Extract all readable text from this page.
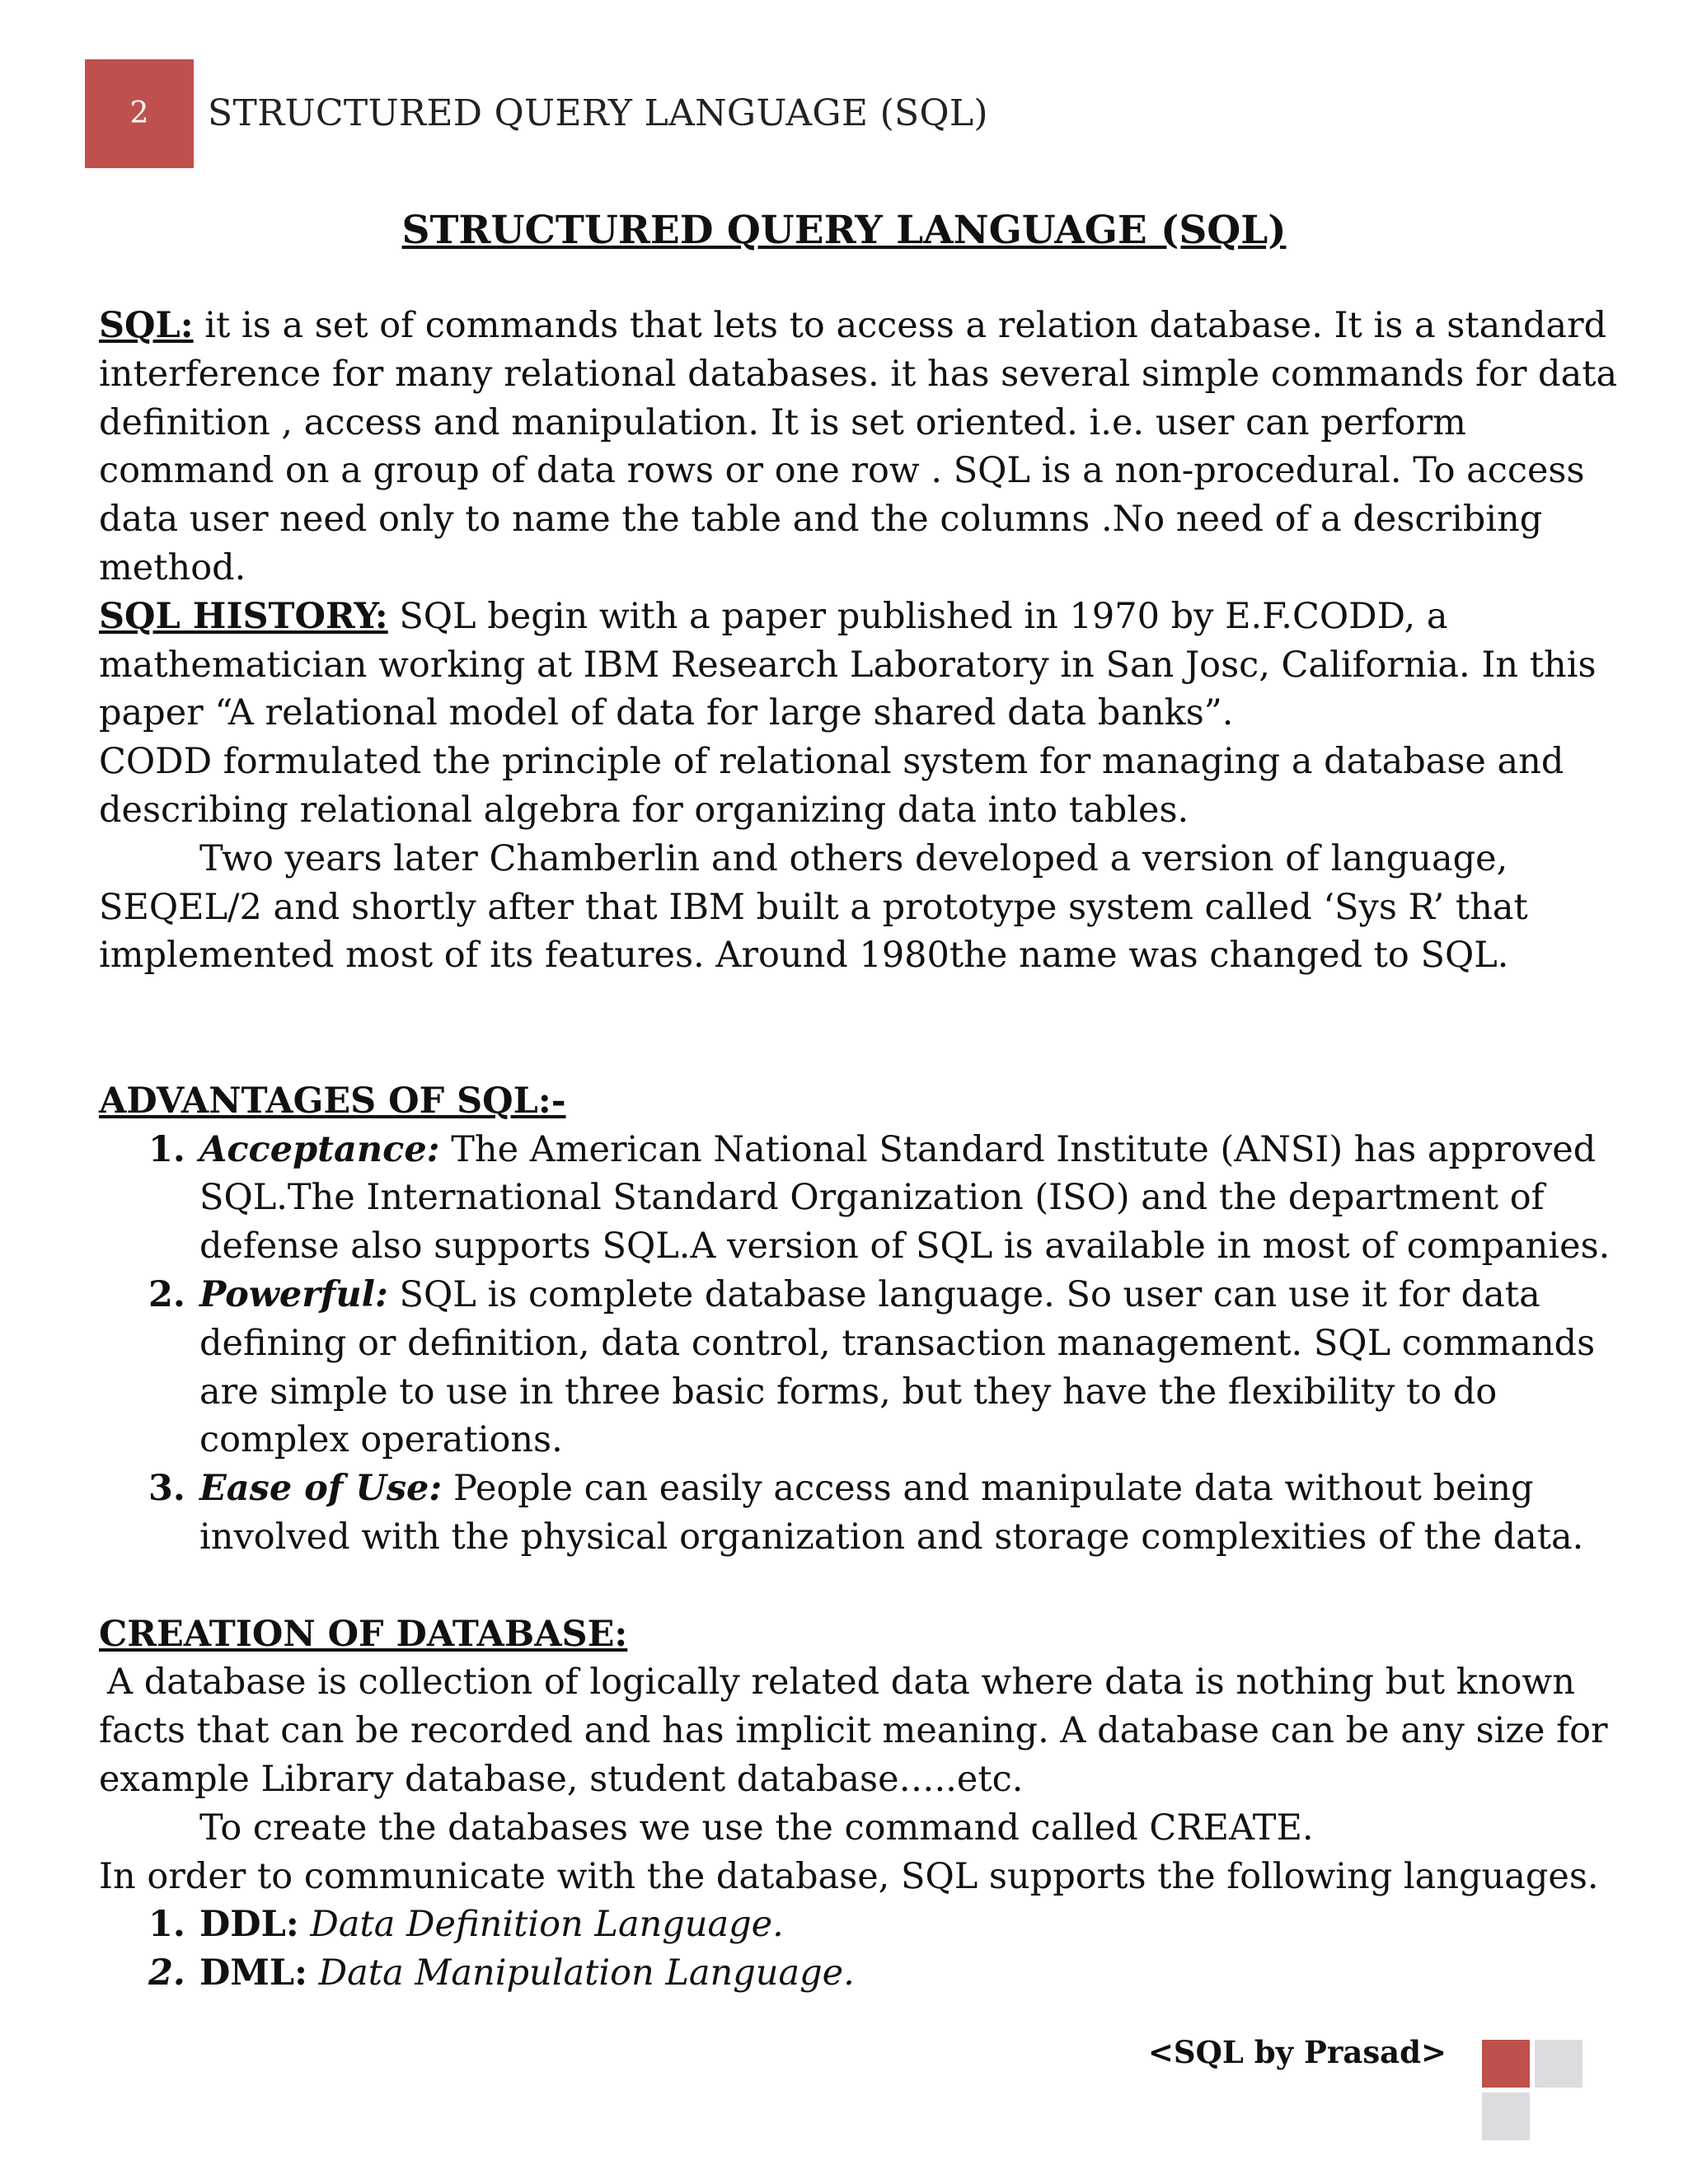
2	STRUCTURED QUERY LANGUAGE (SQL)
STRUCTURED QUERY LANGUAGE (SQL)

SQL: it is a set of commands that lets to access a relation database. It is a standard

interference for many relational databases. it has several simple commands for data

definition , access and manipulation. It is set oriented. i.e. user can perform

command on a group of data rows or one row . SQL is a non-procedural. To access

data user need only to name the table and the columns .No need of a describing

method.

SQL HISTORY: SQL begin with a paper published in 1970 by E.F.CODD, a

mathematician working at IBM Research Laboratory in San Josc, California. In this

paper “A relational model of data for large shared data banks”.

CODD formulated the principle of relational system for managing a database and

describing relational algebra for organizing data into tables.

Two years later Chamberlin and others developed a version of language,

SEQEL/2 and shortly after that IBM built a prototype system called ‘Sys R’ that

implemented most of its features. Around 1980the name was changed to SQL.

ADVANTAGES OF SQL:-

1. Acceptance: The American National Standard Institute (ANSI) has approved

SQL.The International Standard Organization (ISO) and the department of

defense also supports SQL.A version of SQL is available in most of companies.

2. Powerful: SQL is complete database language. So user can use it for data

defining or definition, data control, transaction management. SQL commands

are simple to use in three basic forms, but they have the flexibility to do

complex operations.

3. Ease of Use: People can easily access and manipulate data without being

involved with the physical organization and storage complexities of the data.

CREATION OF DATABASE:

A database is collection of logically related data where data is nothing but known

facts that can be recorded and has implicit meaning. A database can be any size for

example Library database, student database…..etc.

To create the databases we use the command called CREATE.

In order to communicate with the database, SQL supports the following languages.

1. DDL: Data Definition Language.

2. DML: Data Manipulation Language.

<SQL by Prasad>
